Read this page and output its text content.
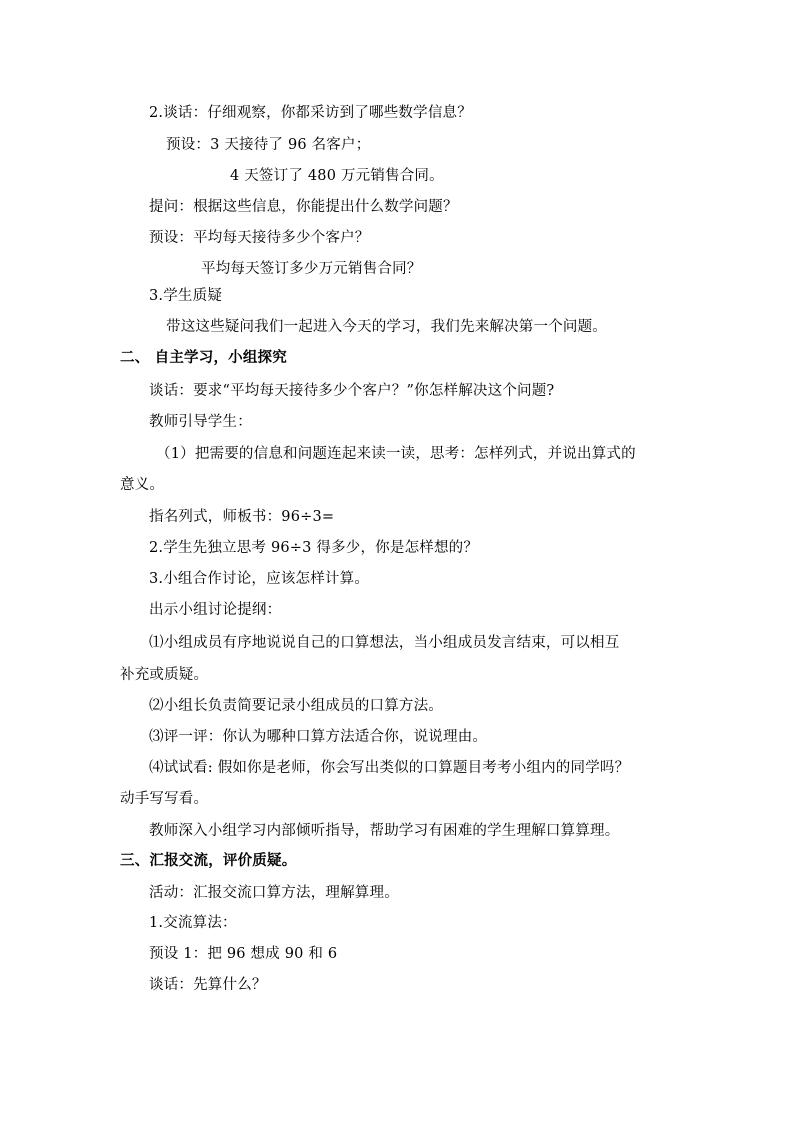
2.谈话：仔细观察，你都采访到了哪些数学信息？
预设：3 天接待了 96 名客户；
4 天签订了 480 万元销售合同。
提问：根据这些信息，你能提出什么数学问题？
预设：平均每天接待多少个客户？
平均每天签订多少万元销售合同？
3.学生质疑
带这这些疑问我们一起进入今天的学习，我们先来解决第一个问题。
二、 自主学习，小组探究
谈话：要求“平均每天接待多少个客户？”你怎样解决这个问题?
教师引导学生：
（1）把需要的信息和问题连起来读一读，思考：怎样列式，并说出算式的
意义。
指名列式，师板书：96÷3=
2.学生先独立思考 96÷3 得多少，你是怎样想的？
3.小组合作讨论，应该怎样计算。
出示小组讨论提纲：
⑴小组成员有序地说说自己的口算想法，当小组成员发言结束，可以相互
补充或质疑。
⑵小组长负责简要记录小组成员的口算方法。
⑶评一评：你认为哪种口算方法适合你，说说理由。
⑷试试看: 假如你是老师，你会写出类似的口算题目考考小组内的同学吗？
动手写写看。
教师深入小组学习内部倾听指导，帮助学习有困难的学生理解口算算理。
三、汇报交流，评价质疑。
活动：汇报交流口算方法，理解算理。
1.交流算法：
预设 1：把 96 想成 90 和 6
谈话：先算什么？
